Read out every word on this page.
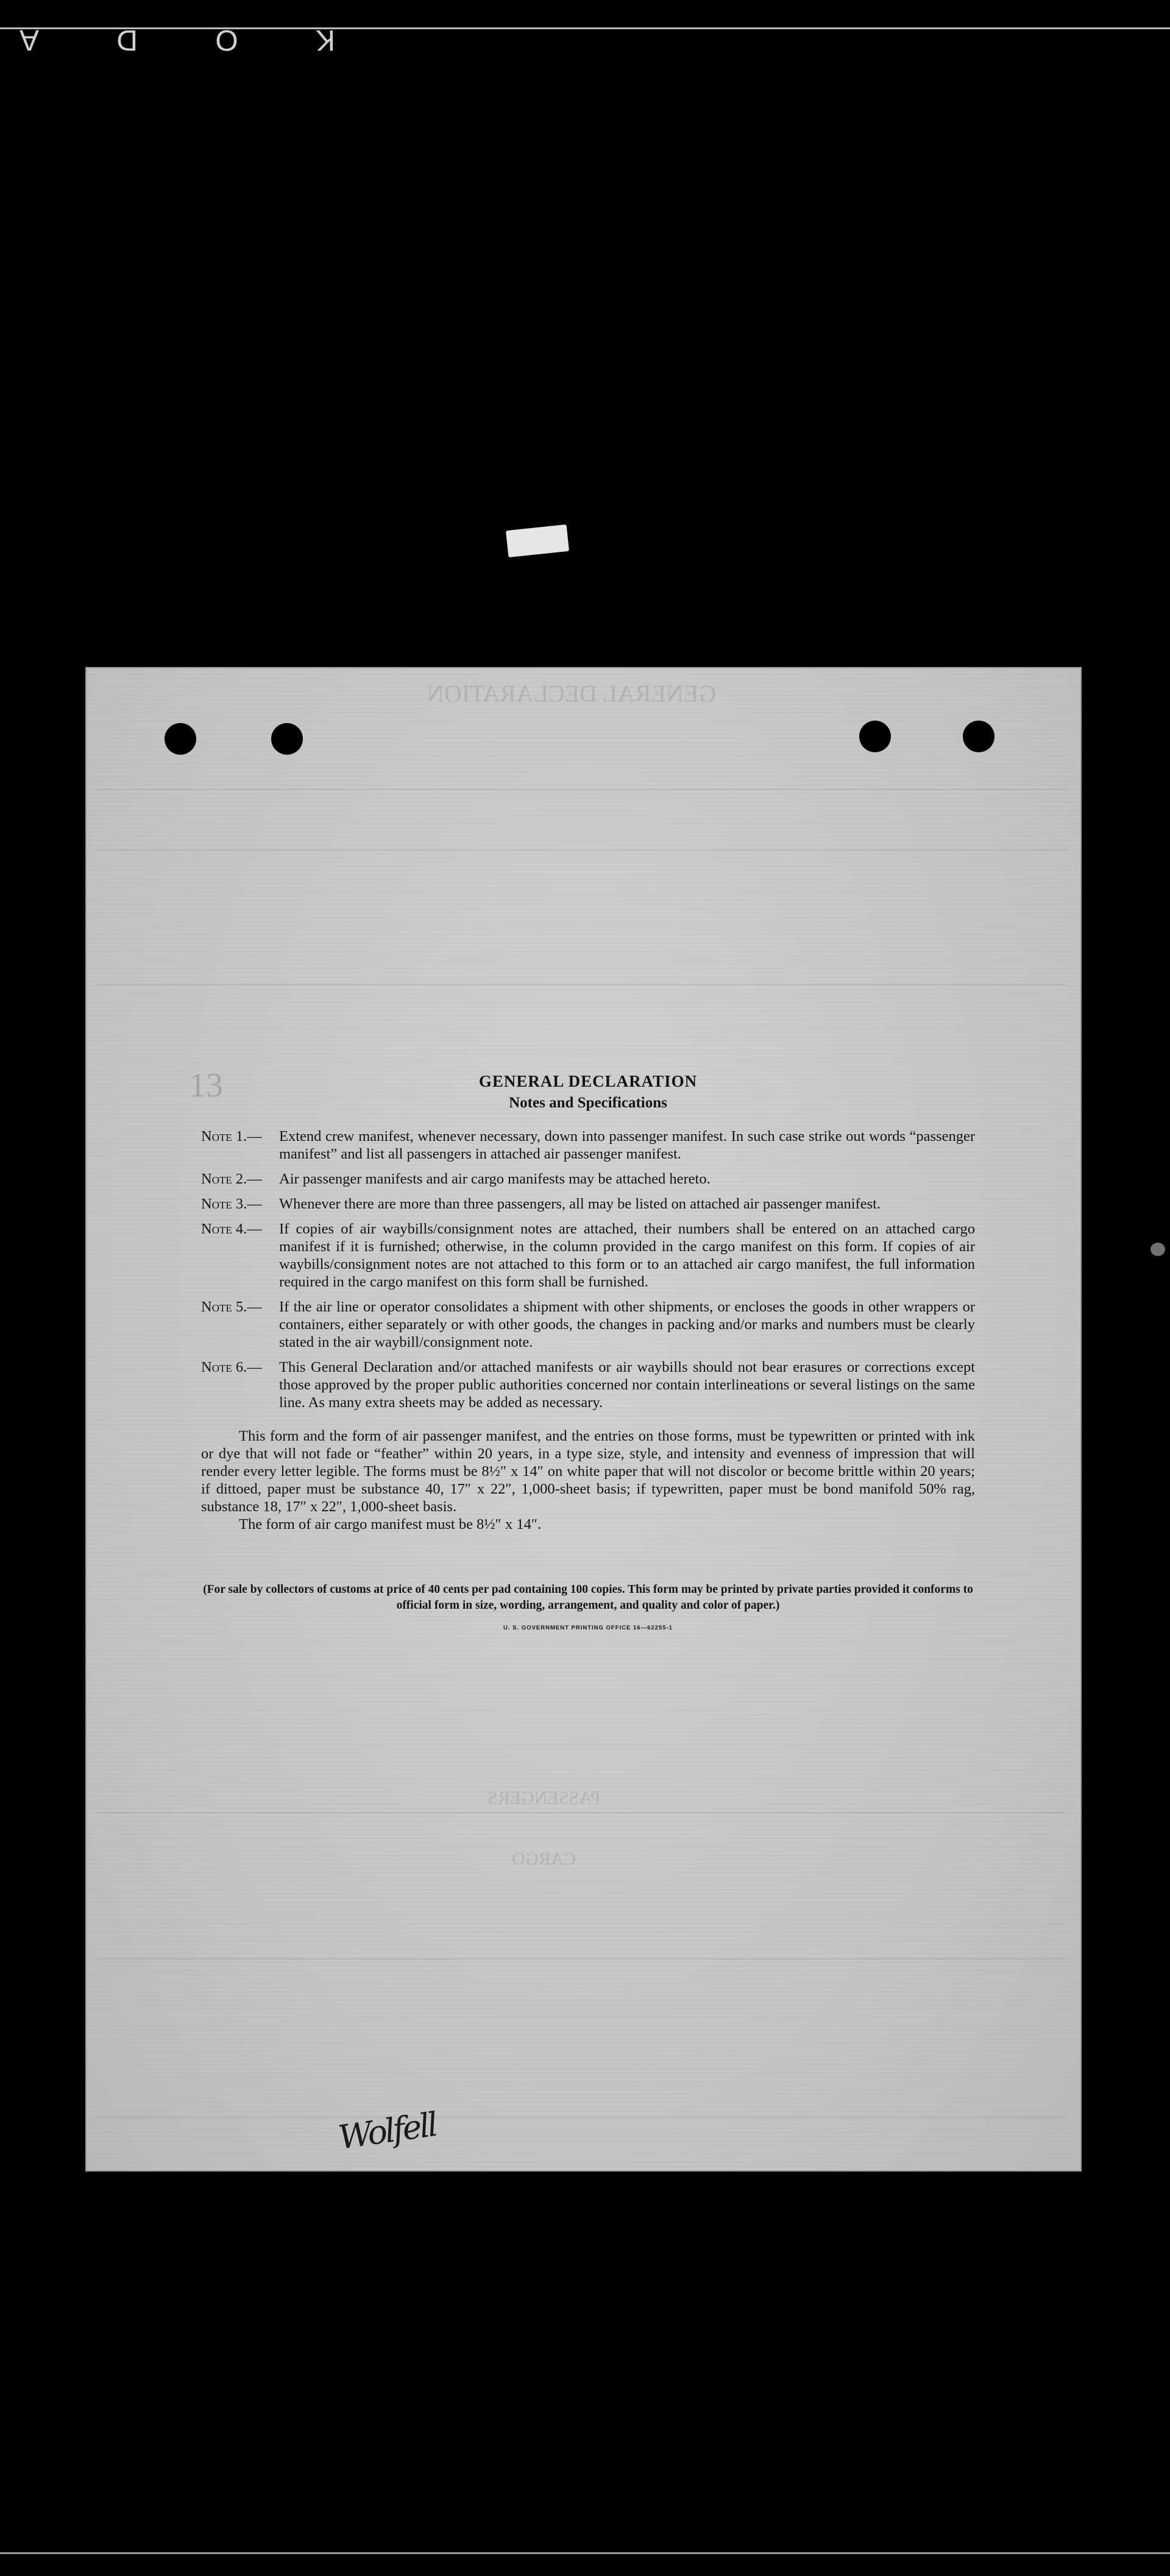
K
O
D
A
GENERAL DECLARATION
13
PASSENGERS
CARGO
GENERAL DECLARATION
Notes and Specifications
Note 1.—	Extend crew manifest, whenever necessary, down into passenger manifest. In such case strike out words “passenger manifest” and list all passengers in attached air passenger manifest.
Note 2.—	Air passenger manifests and air cargo manifests may be attached hereto.
Note 3.—	Whenever there are more than three passengers, all may be listed on attached air passenger manifest.
Note 4.—	If copies of air waybills/consignment notes are attached, their numbers shall be entered on an attached cargo manifest if it is furnished; otherwise, in the column provided in the cargo manifest on this form. If copies of air waybills/consignment notes are not attached to this form or to an attached air cargo manifest, the full information required in the cargo manifest on this form shall be furnished.
Note 5.—	If the air line or operator consolidates a shipment with other shipments, or encloses the goods in other wrappers or containers, either separately or with other goods, the changes in packing and/or marks and numbers must be clearly stated in the air waybill/consignment note.
Note 6.—	This General Declaration and/or attached manifests or air waybills should not bear erasures or corrections except those approved by the proper public authorities concerned nor contain interlineations or several listings on the same line. As many extra sheets may be added as necessary.
This form and the form of air passenger manifest, and the entries on those forms, must be typewritten or printed with ink or dye that will not fade or “feather” within 20 years, in a type size, style, and intensity and evenness of impression that will render every letter legible. The forms must be 8½″ x 14″ on white paper that will not discolor or become brittle within 20 years; if dittoed, paper must be substance 40, 17″ x 22″, 1,000-sheet basis; if typewritten, paper must be bond manifold 50% rag, substance 18, 17″ x 22″, 1,000-sheet basis.
The form of air cargo manifest must be 8½″ x 14″.
(For sale by collectors of customs at price of 40 cents per pad containing 100 copies. This form may be printed by private parties provided it conforms to official form in size, wording, arrangement, and quality and color of paper.)
U. S. GOVERNMENT PRINTING OFFICE 16—62255-1
Wolfell
